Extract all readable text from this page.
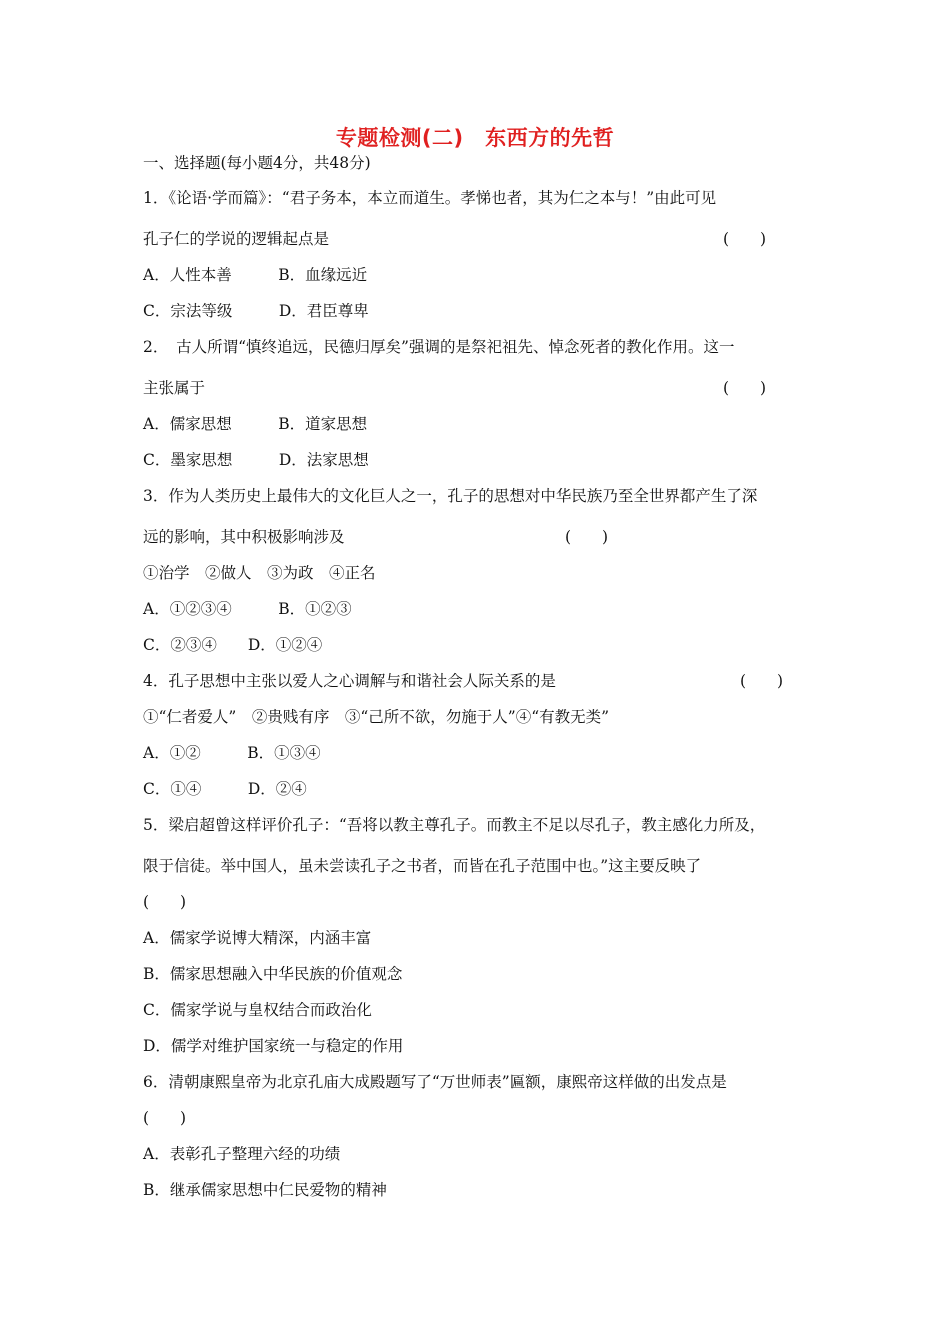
专题检测(二)　东西方的先哲
一、选择题(每小题4分，共48分)
1．《论语·学而篇》：“君子务本，本立而道生。孝悌也者，其为仁之本与！”由此可见
孔子仁的学说的逻辑起点是	(　　)
A．人性本善　　　B．血缘远近
C．宗法等级　　　D．君臣尊卑
2．　古人所谓“慎终追远，民德归厚矣”强调的是祭祀祖先、悼念死者的教化作用。这一
主张属于	(　　)
A．儒家思想　　　B．道家思想
C．墨家思想　　　D．法家思想
3．作为人类历史上最伟大的文化巨人之一，孔子的思想对中华民族乃至全世界都产生了深
远的影响，其中积极影响涉及	(　　)
①治学　②做人　③为政　④正名
A．①②③④　　　B．①②③
C．②③④　　D．①②④
4．孔子思想中主张以爱人之心调解与和谐社会人际关系的是	(　　)
①“仁者爱人”　②贵贱有序　③“己所不欲，勿施于人”④“有教无类”
A．①②　　　B．①③④
C．①④　　　D．②④
5．梁启超曾这样评价孔子：“吾将以教主尊孔子。而教主不足以尽孔子，教主感化力所及，
限于信徒。举中国人，虽未尝读孔子之书者，而皆在孔子范围中也。”这主要反映了
(　　)
A．儒家学说博大精深，内涵丰富
B．儒家思想融入中华民族的价值观念
C．儒家学说与皇权结合而政治化
D．儒学对维护国家统一与稳定的作用
6．清朝康熙皇帝为北京孔庙大成殿题写了“万世师表”匾额，康熙帝这样做的出发点是
(　　)
A．表彰孔子整理六经的功绩
B．继承儒家思想中仁民爱物的精神
